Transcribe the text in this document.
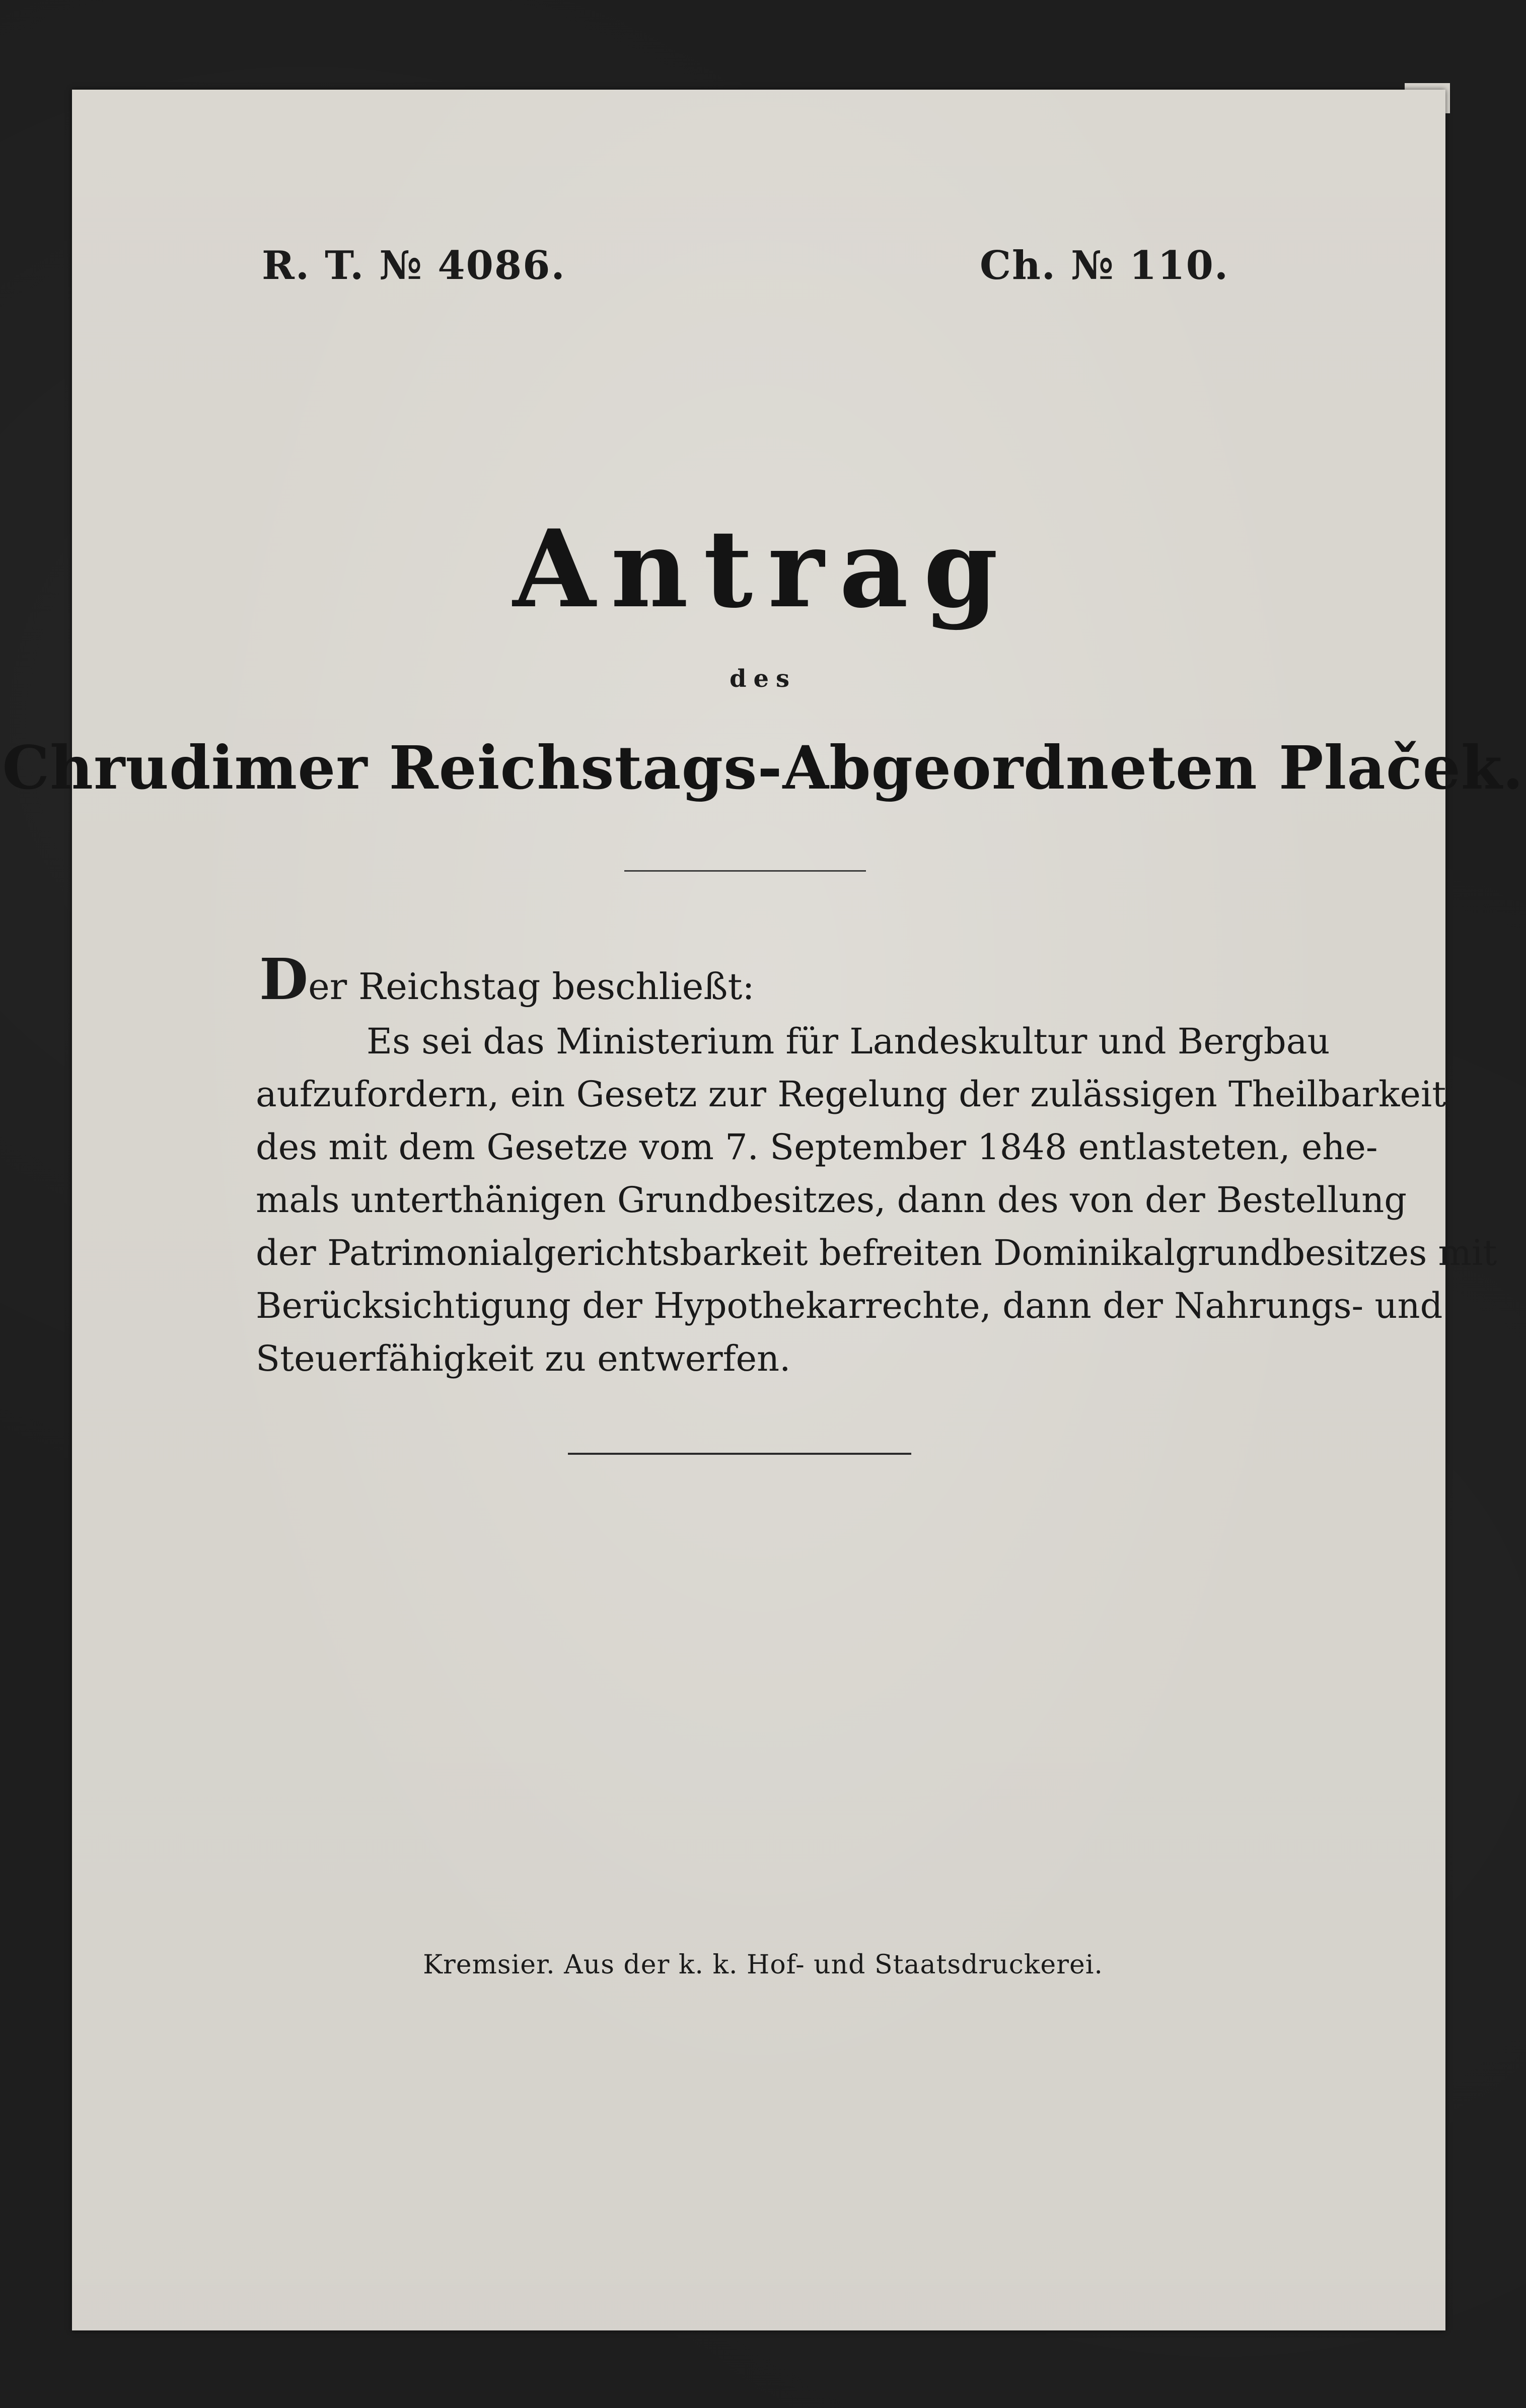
R. T. № 4086.	Ch. № 110.
Antrag
des
Chrudimer Reichstags-Abgeordneten Plaček.
Der Reichstag beschließt:
Es sei das Ministerium für Landeskultur und Bergbau
aufzufordern, ein Gesetz zur Regelung der zulässigen Theilbarkeit
des mit dem Gesetze vom 7. September 1848 entlasteten, ehe-
mals unterthänigen Grundbesitzes, dann des von der Bestellung
der Patrimonialgerichtsbarkeit befreiten Dominikalgrundbesitzes mit
Berücksichtigung der Hypothekarrechte, dann der Nahrungs- und
Steuerfähigkeit zu entwerfen.
Kremsier. Aus der k. k. Hof- und Staatsdruckerei.
